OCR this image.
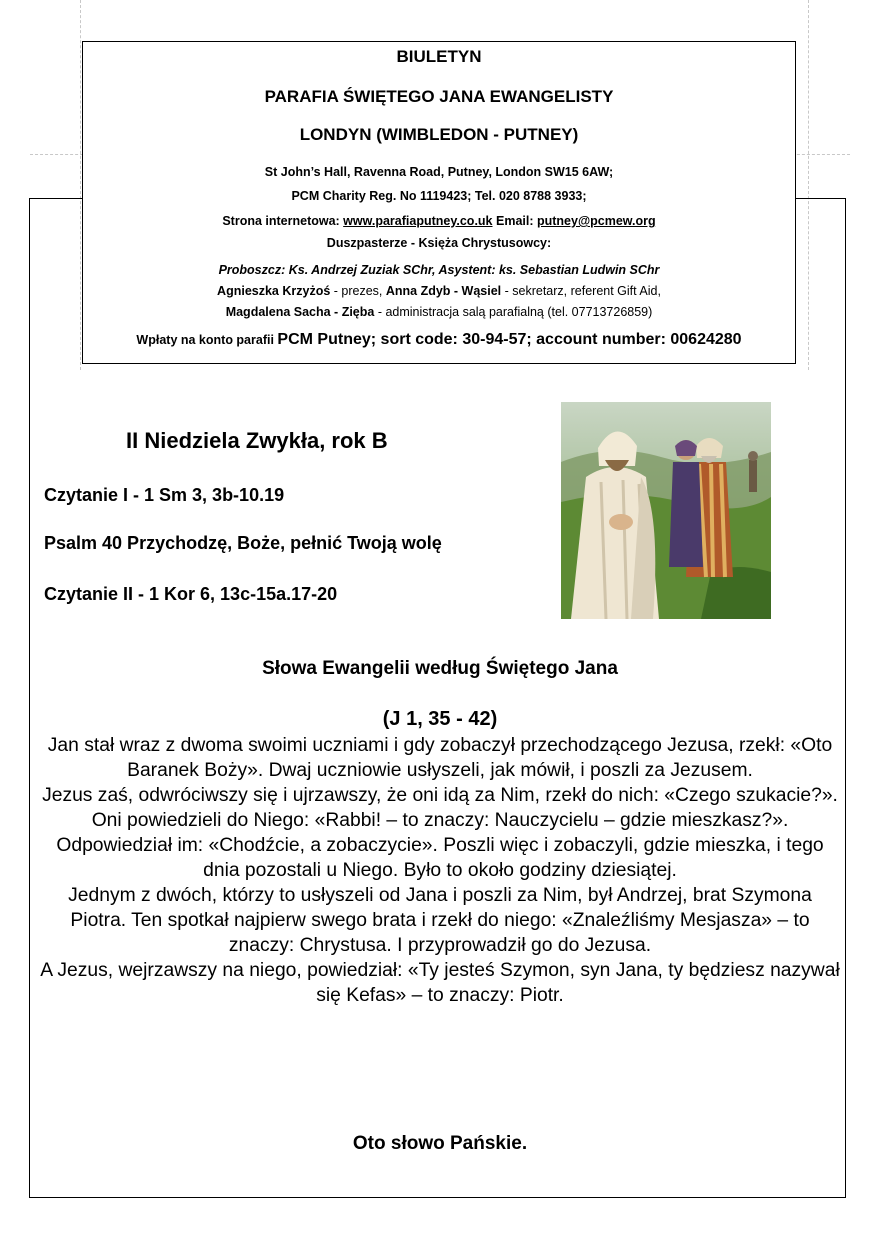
BIULETYN
PARAFIA ŚWIĘTEGO JANA EWANGELISTY
LONDYN (WIMBLEDON - PUTNEY)
St John’s Hall, Ravenna Road, Putney, London SW15 6AW;
PCM Charity Reg. No 1119423; Tel. 020 8788 3933;
Strona internetowa: www.parafiaputney.co.uk Email: putney@pcmew.org
Duszpasterze - Księża Chrystusowcy:
Proboszcz: Ks. Andrzej Zuziak SChr, Asystent: ks. Sebastian Ludwin SChr
Agnieszka Krzyżoś - prezes, Anna Zdyb - Wąsiel - sekretarz, referent Gift Aid,
Magdalena Sacha - Zięba - administracja salą parafialną (tel. 07713726859)
Wpłaty na konto parafii PCM Putney; sort code: 30-94-57; account number: 00624280
II Niedziela Zwykła, rok B
Czytanie I - 1 Sm 3, 3b-10.19
Psalm 40 Przychodzę, Boże, pełnić Twoją wolę
Czytanie II - 1 Kor 6, 13c-15a.17-20
Słowa Ewangelii według Świętego Jana
(J 1, 35 - 42)
Jan stał wraz z dwoma swoimi uczniami i gdy zobaczył przechodzącego Jezusa, rzekł: «Oto Baranek Boży». Dwaj uczniowie usłyszeli, jak mówił, i poszli za Jezusem.
Jezus zaś, odwróciwszy się i ujrzawszy, że oni idą za Nim, rzekł do nich: «Czego szukacie?».
Oni powiedzieli do Niego: «Rabbi! – to znaczy: Nauczycielu – gdzie mieszkasz?».
Odpowiedział im: «Chodźcie, a zobaczycie». Poszli więc i zobaczyli, gdzie mieszka, i tego dnia pozostali u Niego. Było to około godziny dziesiątej.
Jednym z dwóch, którzy to usłyszeli od Jana i poszli za Nim, był Andrzej, brat Szymona Piotra. Ten spotkał najpierw swego brata i rzekł do niego: «Znaleźliśmy Mesjasza» – to znaczy: Chrystusa. I przyprowadził go do Jezusa.
A Jezus, wejrzawszy na niego, powiedział: «Ty jesteś Szymon, syn Jana, ty będziesz nazywał się Kefas» – to znaczy: Piotr.
Oto słowo Pańskie.
